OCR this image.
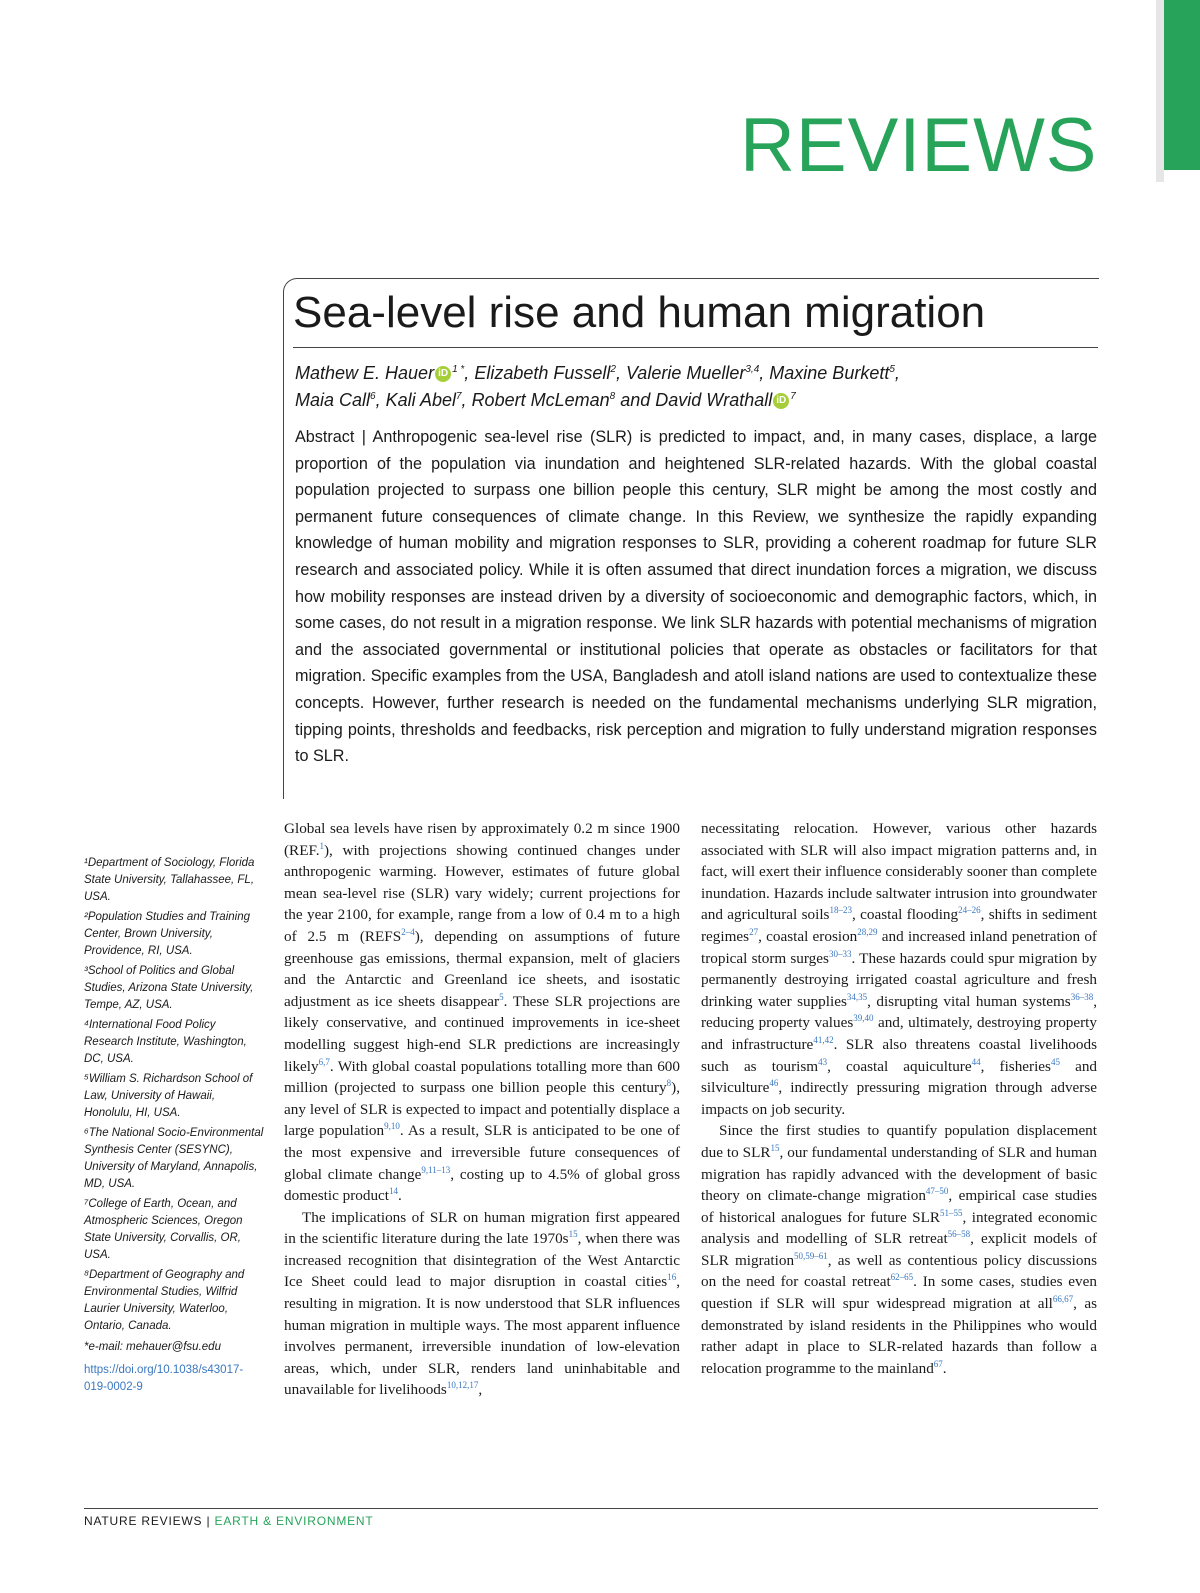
REVIEWS
Sea-level rise and human migration
Mathew E. Hauer iD $^{1 *}$, Elizabeth Fussell$^2$, Valerie Mueller$^{3,4}$, Maxine Burkett$^5$,
Maia Call$^6$, Kali Abel$^7$, Robert McLeman$^8$ and David Wrathall iD $^7$
Abstract | Anthropogenic sea-level rise (SLR) is predicted to impact, and, in many cases, displace, a large proportion of the population via inundation and heightened SLR-related hazards. With the global coastal population projected to surpass one billion people this century, SLR might be among the most costly and permanent future consequences of climate change. In this Review, we synthesize the rapidly expanding knowledge of human mobility and migration responses to SLR, providing a coherent roadmap for future SLR research and associated policy. While it is often assumed that direct inundation forces a migration, we discuss how mobility responses are instead driven by a diversity of socioeconomic and demographic factors, which, in some cases, do not result in a migration response. We link SLR hazards with potential mechanisms of migration and the associated governmental or institutional policies that operate as obstacles or facilitators for that migration. Specific examples from the USA, Bangladesh and atoll island nations are used to contextualize these concepts. However, further research is needed on the fundamental mechanisms underlying SLR migration, tipping points, thresholds and feedbacks, risk perception and migration to fully understand migration responses to SLR.

¹Department of Sociology, Florida State University, Tallahassee, FL, USA.

²Population Studies and Training Center, Brown University, Providence, RI, USA.

³School of Politics and Global Studies, Arizona State University, Tempe, AZ, USA.

⁴International Food Policy Research Institute, Washington, DC, USA.

⁵William S. Richardson School of Law, University of Hawaii, Honolulu, HI, USA.

⁶The National Socio-Environmental Synthesis Center (SESYNC), University of Maryland, Annapolis, MD, USA.

⁷College of Earth, Ocean, and Atmospheric Sciences, Oregon State University, Corvallis, OR, USA.

⁸Department of Geography and Environmental Studies, Wilfrid Laurier University, Waterloo, Ontario, Canada.

*e-mail: mehauer@fsu.edu

https://doi.org/10.1038/s43017-019-0002-9

Global sea levels have risen by approximately 0.2 m since 1900 (REF.$^1$), with projections showing continued changes under anthropogenic warming. However, estimates of future global mean sea-level rise (SLR) vary widely; current projections for the year 2100, for example, range from a low of 0.4 m to a high of 2.5 m (REFS$^{2-4}$), depending on assumptions of future greenhouse gas emissions, thermal expansion, melt of glaciers and the Antarctic and Greenland ice sheets, and isostatic adjustment as ice sheets disappear$^5$. These SLR projections are likely conservative, and continued improvements in ice-sheet modelling suggest high-end SLR predictions are increasingly likely$^{6,7}$. With global coastal populations totalling more than 600 million (projected to surpass one billion people this century$^8$), any level of SLR is expected to impact and potentially displace a large population$^{9,10}$. As a result, SLR is anticipated to be one of the most expensive and irreversible future consequences of global climate change$^{9,11-13}$, costing up to 4.5% of global gross domestic product$^{14}$.

The implications of SLR on human migration first appeared in the scientific literature during the late 1970s$^{15}$, when there was increased recognition that disintegration of the West Antarctic Ice Sheet could lead to major disruption in coastal cities$^{16}$, resulting in migration. It is now understood that SLR influences human migration in multiple ways. The most apparent influence involves permanent, irreversible inundation of low-elevation areas, which, under SLR, renders land uninhabitable and unavailable for livelihoods$^{10,12,17}$,

necessitating relocation. However, various other hazards associated with SLR will also impact migration patterns and, in fact, will exert their influence considerably sooner than complete inundation. Hazards include saltwater intrusion into groundwater and agricultural soils$^{18-23}$, coastal flooding$^{24-26}$, shifts in sediment regimes$^{27}$, coastal erosion$^{28,29}$ and increased inland penetration of tropical storm surges$^{30-33}$. These hazards could spur migration by permanently destroying irrigated coastal agriculture and fresh drinking water supplies$^{34,35}$, disrupting vital human systems$^{36-38}$, reducing property values$^{39,40}$ and, ultimately, destroying property and infrastructure$^{41,42}$. SLR also threatens coastal livelihoods such as tourism$^{43}$, coastal aquiculture$^{44}$, fisheries$^{45}$ and silviculture$^{46}$, indirectly pressuring migration through adverse impacts on job security.

Since the first studies to quantify population displacement due to SLR$^{15}$, our fundamental understanding of SLR and human migration has rapidly advanced with the development of basic theory on climate-change migration$^{47-50}$, empirical case studies of historical analogues for future SLR$^{51-55}$, integrated economic analysis and modelling of SLR retreat$^{56-58}$, explicit models of SLR migration$^{50,59-61}$, as well as contentious policy discussions on the need for coastal retreat$^{62-65}$. In some cases, studies even question if SLR will spur widespread migration at all$^{66,67}$, as demonstrated by island residents in the Philippines who would rather adapt in place to SLR-related hazards than follow a relocation programme to the mainland$^{67}$.

NATURE REVIEWS | EARTH & ENVIRONMENT
